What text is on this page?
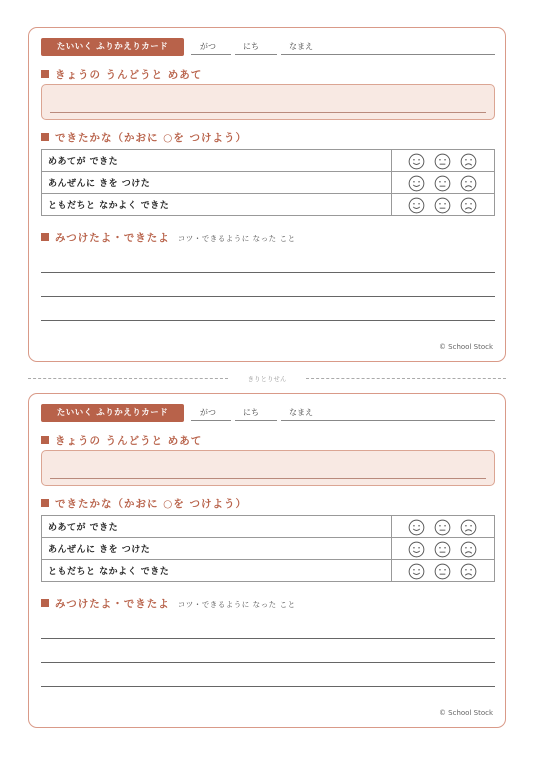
たいいく ふりかえりカード	がつ	にち	なまえ
きょうの うんどうと めあて
できたかな（かおに ○を つけよう）
めあてが できた	
あんぜんに きを つけた	
ともだちと なかよく できた	
みつけたよ・できたよ コツ・できるように なった こと
© School Stock
きりとりせん
たいいく ふりかえりカード	がつ	にち	なまえ
きょうの うんどうと めあて
できたかな（かおに ○を つけよう）
めあてが できた	
あんぜんに きを つけた	
ともだちと なかよく できた	
みつけたよ・できたよ コツ・できるように なった こと
© School Stock
